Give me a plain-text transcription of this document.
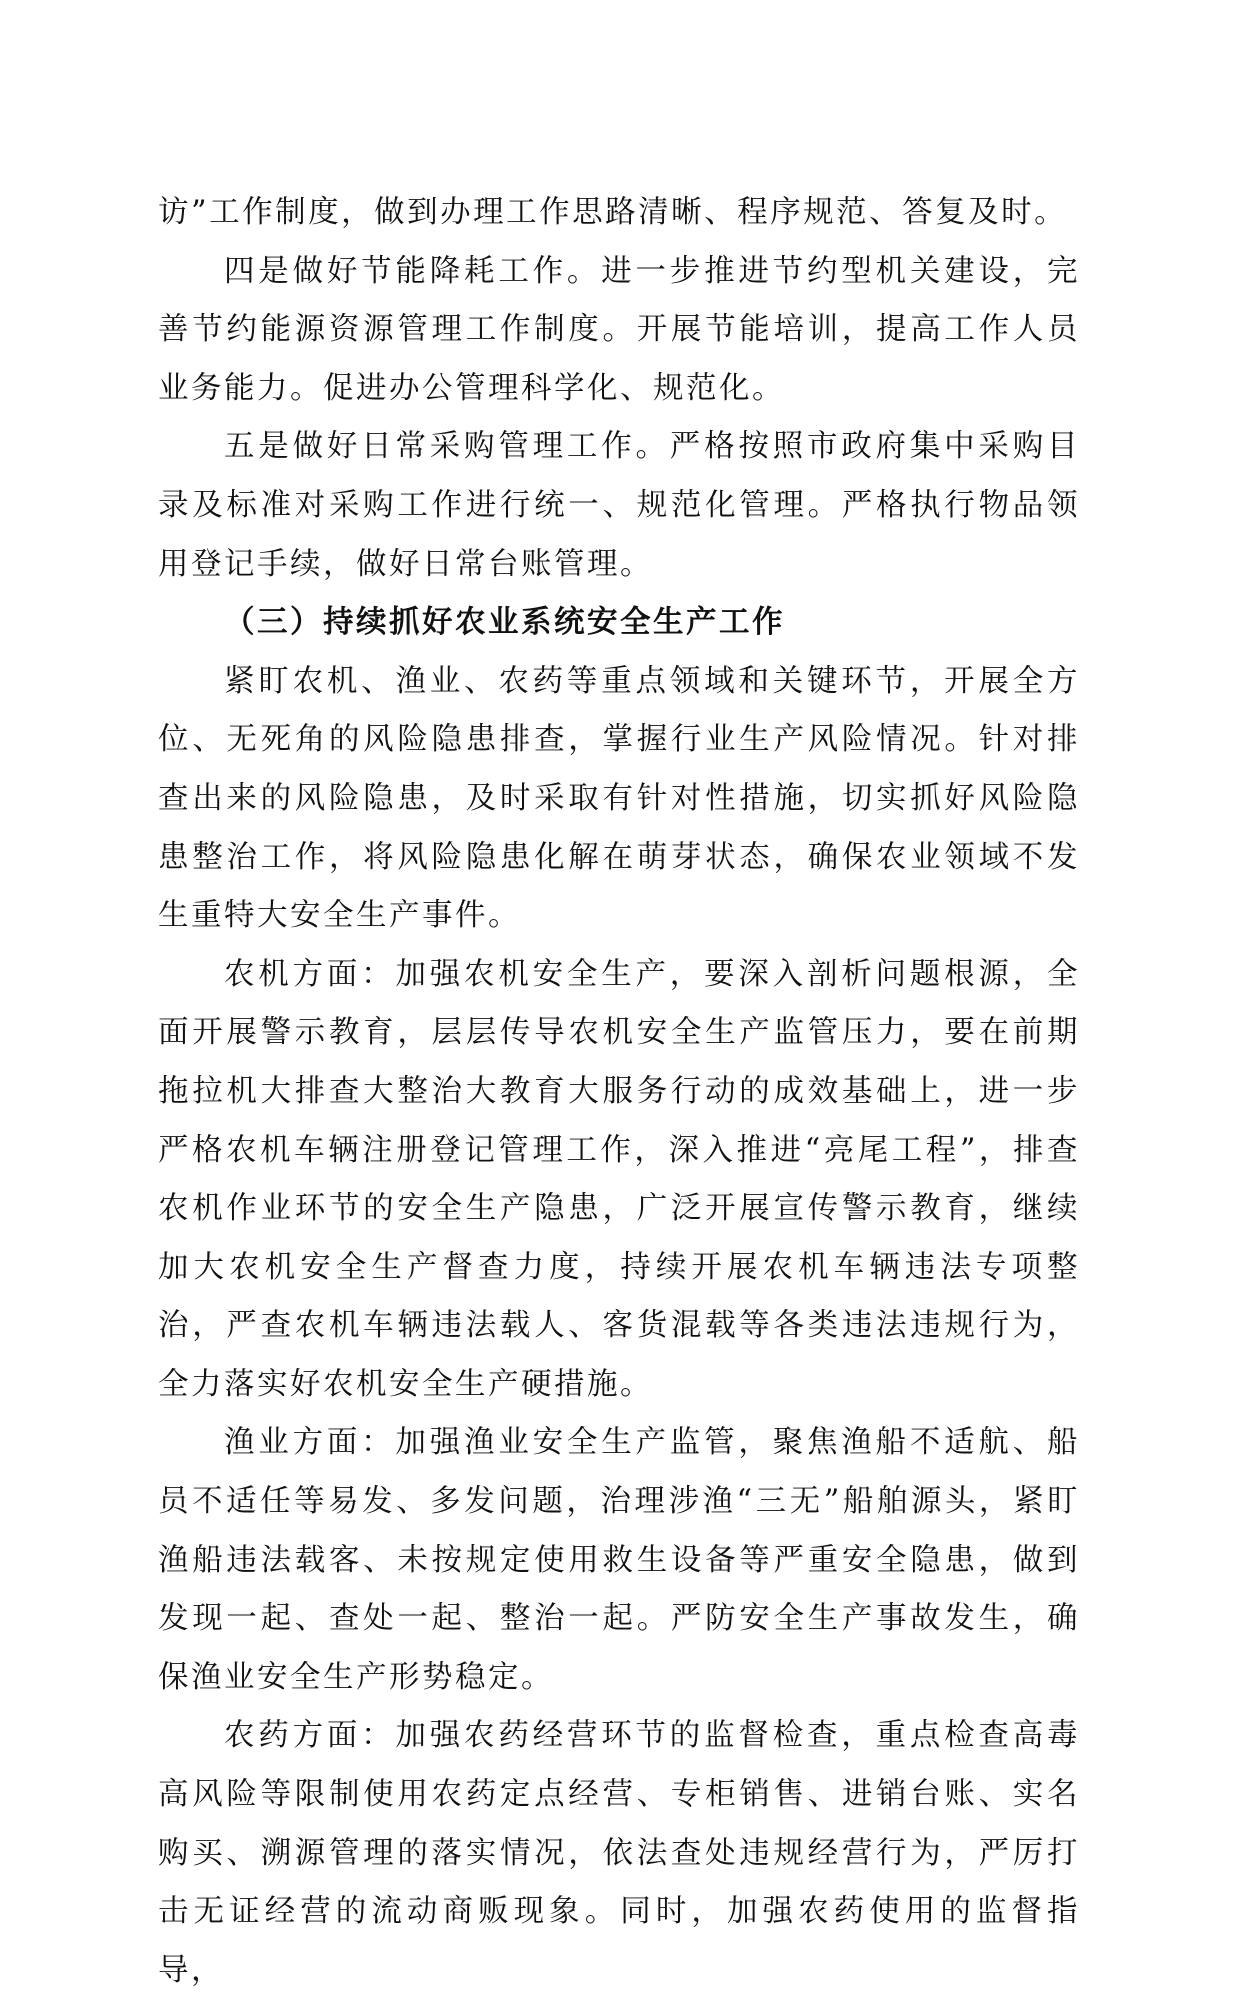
访”工作制度，做到办理工作思路清晰、程序规范、答复及时。

四是做好节能降耗工作。进一步推进节约型机关建设，完善节约能源资源管理工作制度。开展节能培训，提高工作人员业务能力。促进办公管理科学化、规范化。

五是做好日常采购管理工作。严格按照市政府集中采购目录及标准对采购工作进行统一、规范化管理。严格执行物品领用登记手续，做好日常台账管理。

（三）持续抓好农业系统安全生产工作

紧盯农机、渔业、农药等重点领域和关键环节，开展全方位、无死角的风险隐患排查，掌握行业生产风险情况。针对排查出来的风险隐患，及时采取有针对性措施，切实抓好风险隐患整治工作，将风险隐患化解在萌芽状态，确保农业领域不发生重特大安全生产事件。

农机方面：加强农机安全生产，要深入剖析问题根源，全面开展警示教育，层层传导农机安全生产监管压力，要在前期拖拉机大排查大整治大教育大服务行动的成效基础上，进一步严格农机车辆注册登记管理工作，深入推进“亮尾工程”，排查农机作业环节的安全生产隐患，广泛开展宣传警示教育，继续加大农机安全生产督查力度，持续开展农机车辆违法专项整治，严查农机车辆违法载人、客货混载等各类违法违规行为，全力落实好农机安全生产硬措施。

渔业方面：加强渔业安全生产监管，聚焦渔船不适航、船员不适任等易发、多发问题，治理涉渔“三无”船舶源头，紧盯渔船违法载客、未按规定使用救生设备等严重安全隐患，做到发现一起、查处一起、整治一起。严防安全生产事故发生，确保渔业安全生产形势稳定。

农药方面：加强农药经营环节的监督检查，重点检查高毒高风险等限制使用农药定点经营、专柜销售、进销台账、实名购买、溯源管理的落实情况，依法查处违规经营行为，严厉打击无证经营的流动商贩现象。同时，加强农药使用的监督指导，
